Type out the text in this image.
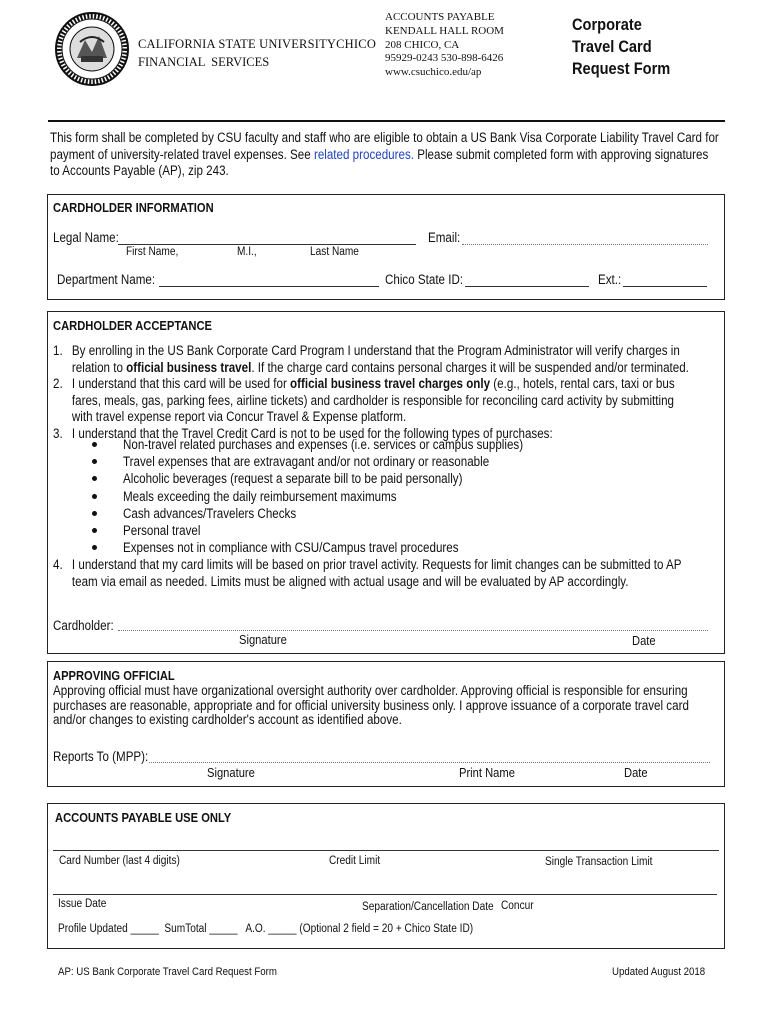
CALIFORNIA STATE UNIVERSITYCHICO
FINANCIAL  SERVICES
ACCOUNTS PAYABLE
KENDALL HALL ROOM
208 CHICO, CA
95929-0243 530-898-6426
www.csuchico.edu/ap
Corporate
Travel Card
Request Form
This form shall be completed by CSU faculty and staff who are eligible to obtain a US Bank Visa Corporate Liability Travel Card for
payment of university-related travel expenses. See related procedures. Please submit completed form with approving signatures
to Accounts Payable (AP), zip 243.
CARDHOLDER INFORMATION
Legal Name:
First Name,	M.I.,	Last Name
Email:
Department Name:	Chico State ID:	Ext.:
CARDHOLDER ACCEPTANCE
1. By enrolling in the US Bank Corporate Card Program I understand that the Program Administrator will verify charges in
relation to official business travel. If the charge card contains personal charges it will be suspended and/or terminated.
2. I understand that this card will be used for official business travel charges only (e.g., hotels, rental cars, taxi or bus
fares, meals, gas, parking fees, airline tickets) and cardholder is responsible for reconciling card activity by submitting
with travel expense report via Concur Travel & Expense platform.
3. I understand that the Travel Credit Card is not to be used for the following types of purchases:
Non-travel related purchases and expenses (i.e. services or campus supplies)
Travel expenses that are extravagant and/or not ordinary or reasonable
Alcoholic beverages (request a separate bill to be paid personally)
Meals exceeding the daily reimbursement maximums
Cash advances/Travelers Checks
Personal travel
Expenses not in compliance with CSU/Campus travel procedures
4. I understand that my card limits will be based on prior travel activity. Requests for limit changes can be submitted to AP
team via email as needed. Limits must be aligned with actual usage and will be evaluated by AP accordingly.
Cardholder:
Signature	Date
APPROVING OFFICIAL
Approving official must have organizational oversight authority over cardholder. Approving official is responsible for ensuring
purchases are reasonable, appropriate and for official university business only. I approve issuance of a corporate travel card
and/or changes to existing cardholder's account as identified above.
Reports To (MPP):
Signature	Print Name	Date
ACCOUNTS PAYABLE USE ONLY
Card Number (last 4 digits)	Credit Limit	Single Transaction Limit
Issue Date	Separation/Cancellation Date Concur
Profile Updated _____  SumTotal _____   A.O. _____ (Optional 2 field = 20 + Chico State ID)
AP: US Bank Corporate Travel Card Request Form	Updated August 2018
